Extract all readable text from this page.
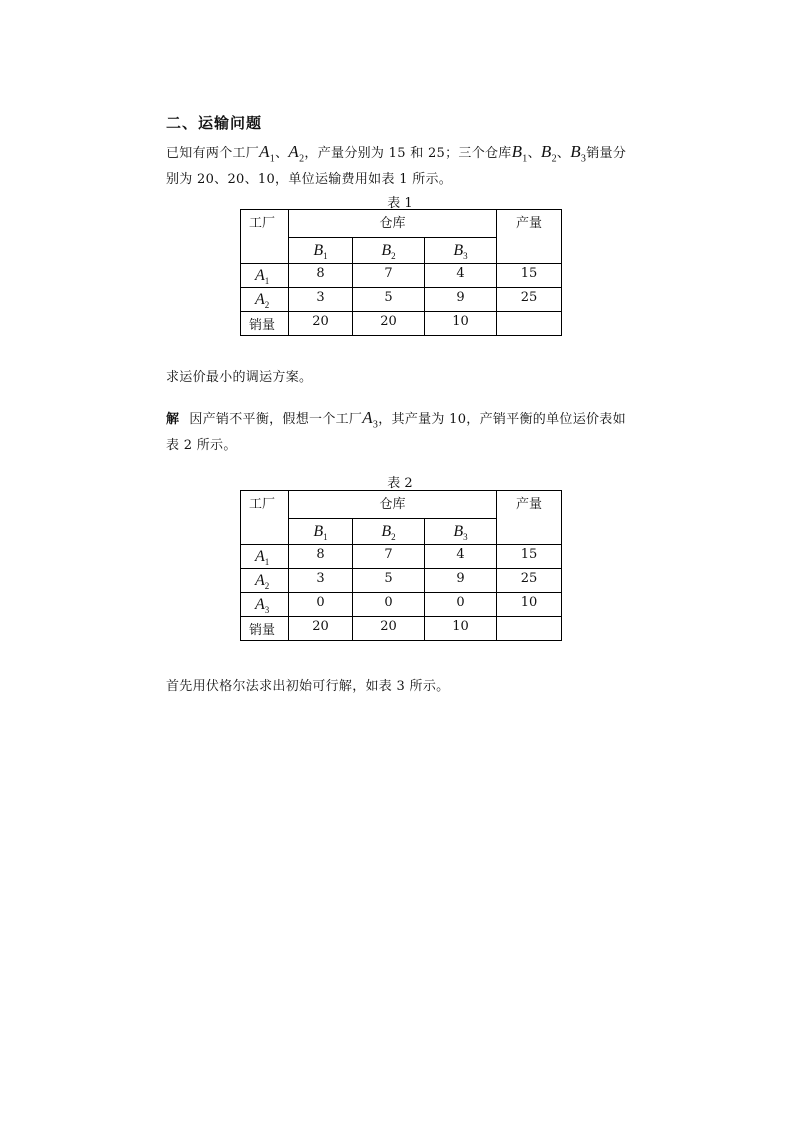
二、运输问题
已知有两个工厂$A_1$、$A_2$，产量分别为 15 和 25；三个仓库$B_1$、$B_2$、$B_3$销量分别为 20、20、10，单位运输费用如表 1 所示。
表 1
工厂	仓库			产量
	$B_1$	$B_2$	$B_3$
$A_1$	8	7	4	15
$A_2$	3	5	9	25
销量	20	20	10	
求运价最小的调运方案。
解 因产销不平衡，假想一个工厂$A_3$，其产量为 10，产销平衡的单位运价表如表 2 所示。
表 2
工厂	仓库			产量
	$B_1$	$B_2$	$B_3$
$A_1$	8	7	4	15
$A_2$	3	5	9	25
$A_3$	0	0	0	10
销量	20	20	10	
首先用伏格尔法求出初始可行解，如表 3 所示。
